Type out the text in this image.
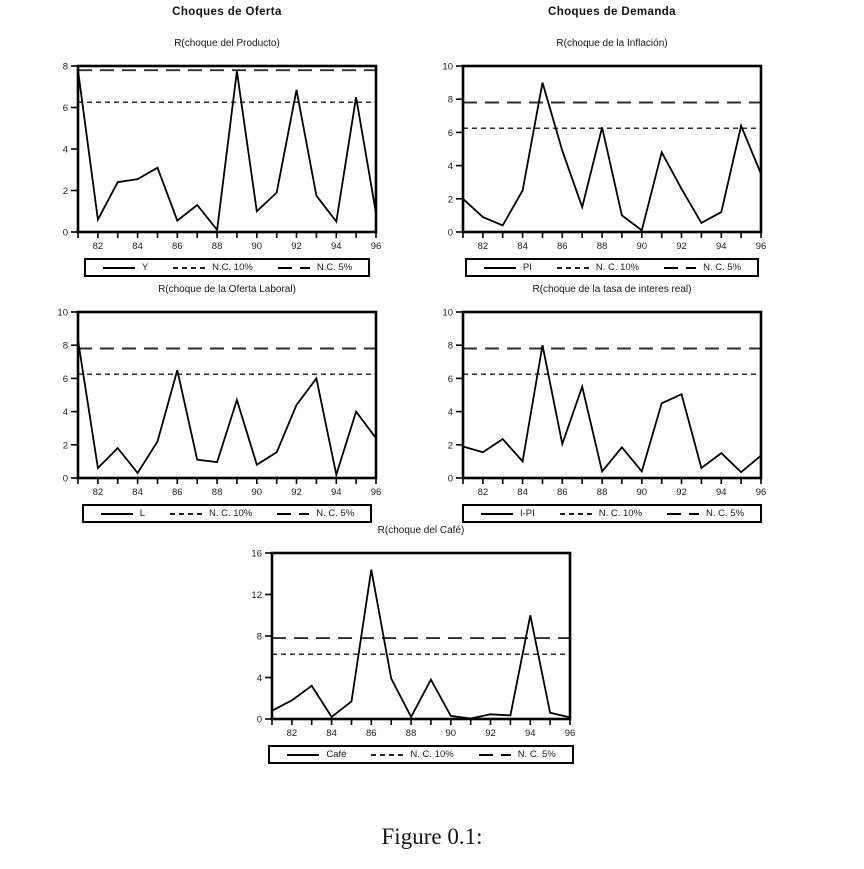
Choques de Oferta	Choques de Demanda
R(choque del Producto)
0
2
4
6
8
82	84	86	88	90	92	94	96
Y	N.C. 10%	N.C. 5%
R(choque de la Inflación)
0
2
4
6
8
10
82	84	86	88	90	92	94	96
PI	N. C. 10%	N. C. 5%
R(choque de la Oferta Laboral)
0
2
4
6
8
10
82	84	86	88	90	92	94	96
L	N. C. 10%	N. C. 5%
R(choque de la tasa de interes real)
0
2
4
6
8
10
82	84	86	88	90	92	94	96
I-PI	N. C. 10%	N. C. 5%
R(choque del Café)
0
4
8
12
16
82	84	86	88	90	92	94	96
Café	N. C. 10%	N. C. 5%
Figure 0.1:
